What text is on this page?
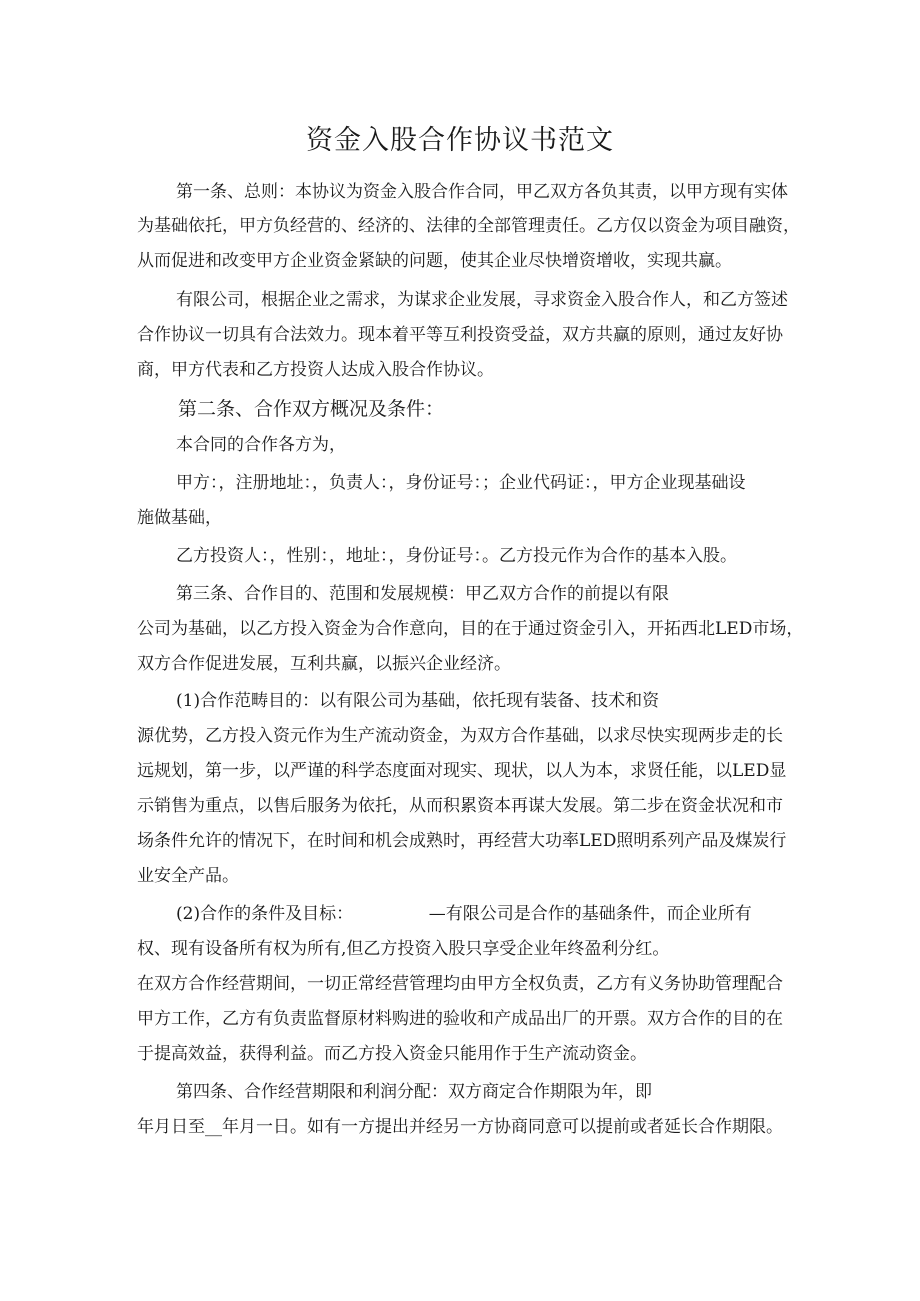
资金入股合作协议书范文
第一条、总则：本协议为资金入股合作合同，甲乙双方各负其责，以甲方现有实体
为基础依托，甲方负经营的、经济的、法律的全部管理责任。乙方仅以资金为项目融资，
从而促进和改变甲方企业资金紧缺的问题，使其企业尽快增资增收，实现共赢。
有限公司，根据企业之需求，为谋求企业发展，寻求资金入股合作人，和乙方签述
合作协议一切具有合法效力。现本着平等互利投资受益，双方共赢的原则，通过友好协
商，甲方代表和乙方投资人达成入股合作协议。
第二条、合作双方概况及条件：
本合同的合作各方为，
甲方：，注册地址：，负责人：，身份证号：；企业代码证：，甲方企业现基础设
施做基础，
乙方投资人：，性别：，地址：，身份证号：。乙方投元作为合作的基本入股。
第三条、合作目的、范围和发展规模：甲乙双方合作的前提以有限
公司为基础，以乙方投入资金为合作意向，目的在于通过资金引入，开拓西北LED市场，
双方合作促进发展，互利共赢，以振兴企业经济。
(1)合作范畴目的：以有限公司为基础，依托现有装备、技术和资
源优势，乙方投入资元作为生产流动资金，为双方合作基础，以求尽快实现两步走的长
远规划，第一步，以严谨的科学态度面对现实、现状，以人为本，求贤任能，以LED显
示销售为重点，以售后服务为依托，从而积累资本再谋大发展。第二步在资金状况和市
场条件允许的情况下，在时间和机会成熟时，再经营大功率LED照明系列产品及煤炭行
业安全产品。
(2)合作的条件及目标：              —有限公司是合作的基础条件，而企业所有
权、现有设备所有权为所有,但乙方投资入股只享受企业年终盈利分红。
在双方合作经营期间，一切正常经营管理均由甲方全权负责，乙方有义务协助管理配合
甲方工作，乙方有负责监督原材料购进的验收和产成品出厂的开票。双方合作的目的在
于提高效益，获得利益。而乙方投入资金只能用作于生产流动资金。
第四条、合作经营期限和利润分配：双方商定合作期限为年，即
年月日至__年月一日。如有一方提出并经另一方协商同意可以提前或者延长合作期限。
